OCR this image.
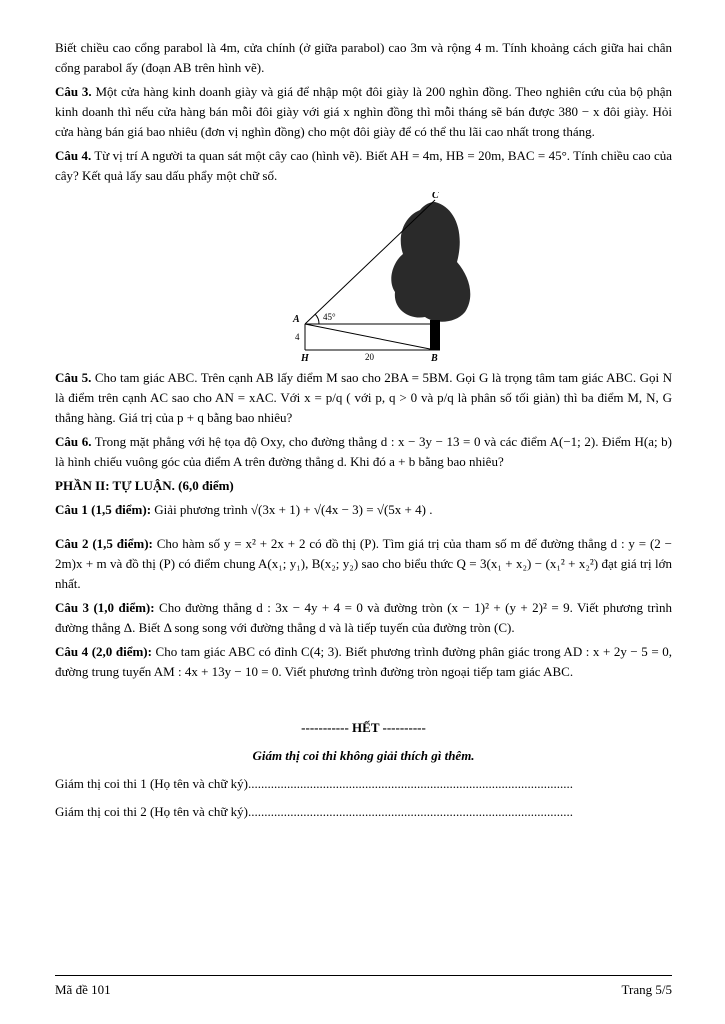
Biết chiều cao cổng parabol là 4m, cửa chính (ở giữa parabol) cao 3m và rộng 4 m. Tính khoảng cách giữa hai chân cổng parabol ấy (đoạn AB trên hình vẽ).

Câu 3. Một cửa hàng kinh doanh giày và giá để nhập một đôi giày là 200 nghìn đồng. Theo nghiên cứu của bộ phận kinh doanh thì nếu cửa hàng bán mỗi đôi giày với giá x nghìn đồng thì mỗi tháng sẽ bán được 380 − x đôi giày. Hỏi cửa hàng bán giá bao nhiêu (đơn vị nghìn đồng) cho một đôi giày để có thể thu lãi cao nhất trong tháng.

Câu 4. Từ vị trí A người ta quan sát một cây cao (hình vẽ). Biết AH = 4m, HB = 20m, BAC = 45°. Tính chiều cao của cây? Kết quả lấy sau dấu phẩy một chữ số.

C
A	45°
4
H	20	B

Câu 5. Cho tam giác ABC. Trên cạnh AB lấy điểm M sao cho 2BA = 5BM. Gọi G là trọng tâm tam giác ABC. Gọi N là điểm trên cạnh AC sao cho AN = xAC. Với x = p/q ( với p, q > 0 và p/q là phân số tối giản) thì ba điểm M, N, G thẳng hàng. Giá trị của p + q bằng bao nhiêu?

Câu 6. Trong mặt phẳng với hệ tọa độ Oxy, cho đường thẳng d : x − 3y − 13 = 0 và các điểm A(−1; 2). Điểm H(a; b) là hình chiếu vuông góc của điểm A trên đường thẳng d. Khi đó a + b bằng bao nhiêu?

PHẦN II: TỰ LUẬN. (6,0 điểm)

Câu 1 (1,5 điểm): Giải phương trình √(3x + 1) + √(4x − 3) = √(5x + 4) .

Câu 2 (1,5 điểm): Cho hàm số y = x² + 2x + 2 có đồ thị (P). Tìm giá trị của tham số m để đường thẳng d : y = (2 − 2m)x + m và đồ thị (P) có điểm chung A(x₁; y₁), B(x₂; y₂) sao cho biểu thức Q = 3(x₁ + x₂) − (x₁² + x₂²) đạt giá trị lớn nhất.

Câu 3 (1,0 điểm): Cho đường thẳng d : 3x − 4y + 4 = 0 và đường tròn (x − 1)² + (y + 2)² = 9. Viết phương trình đường thẳng Δ. Biết Δ song song với đường thẳng d và là tiếp tuyến của đường tròn (C).

Câu 4 (2,0 điểm): Cho tam giác ABC có đỉnh C(4; 3). Biết phương trình đường phân giác trong AD : x + 2y − 5 = 0, đường trung tuyến AM : 4x + 13y − 10 = 0. Viết phương trình đường tròn ngoại tiếp tam giác ABC.

----------- HẾT ----------

Giám thị coi thi không giải thích gì thêm.

Giám thị coi thi 1 (Họ tên và chữ ký)....................................................................................................

Giám thị coi thi 2 (Họ tên và chữ ký)....................................................................................................

Mã đề 101	Trang 5/5
